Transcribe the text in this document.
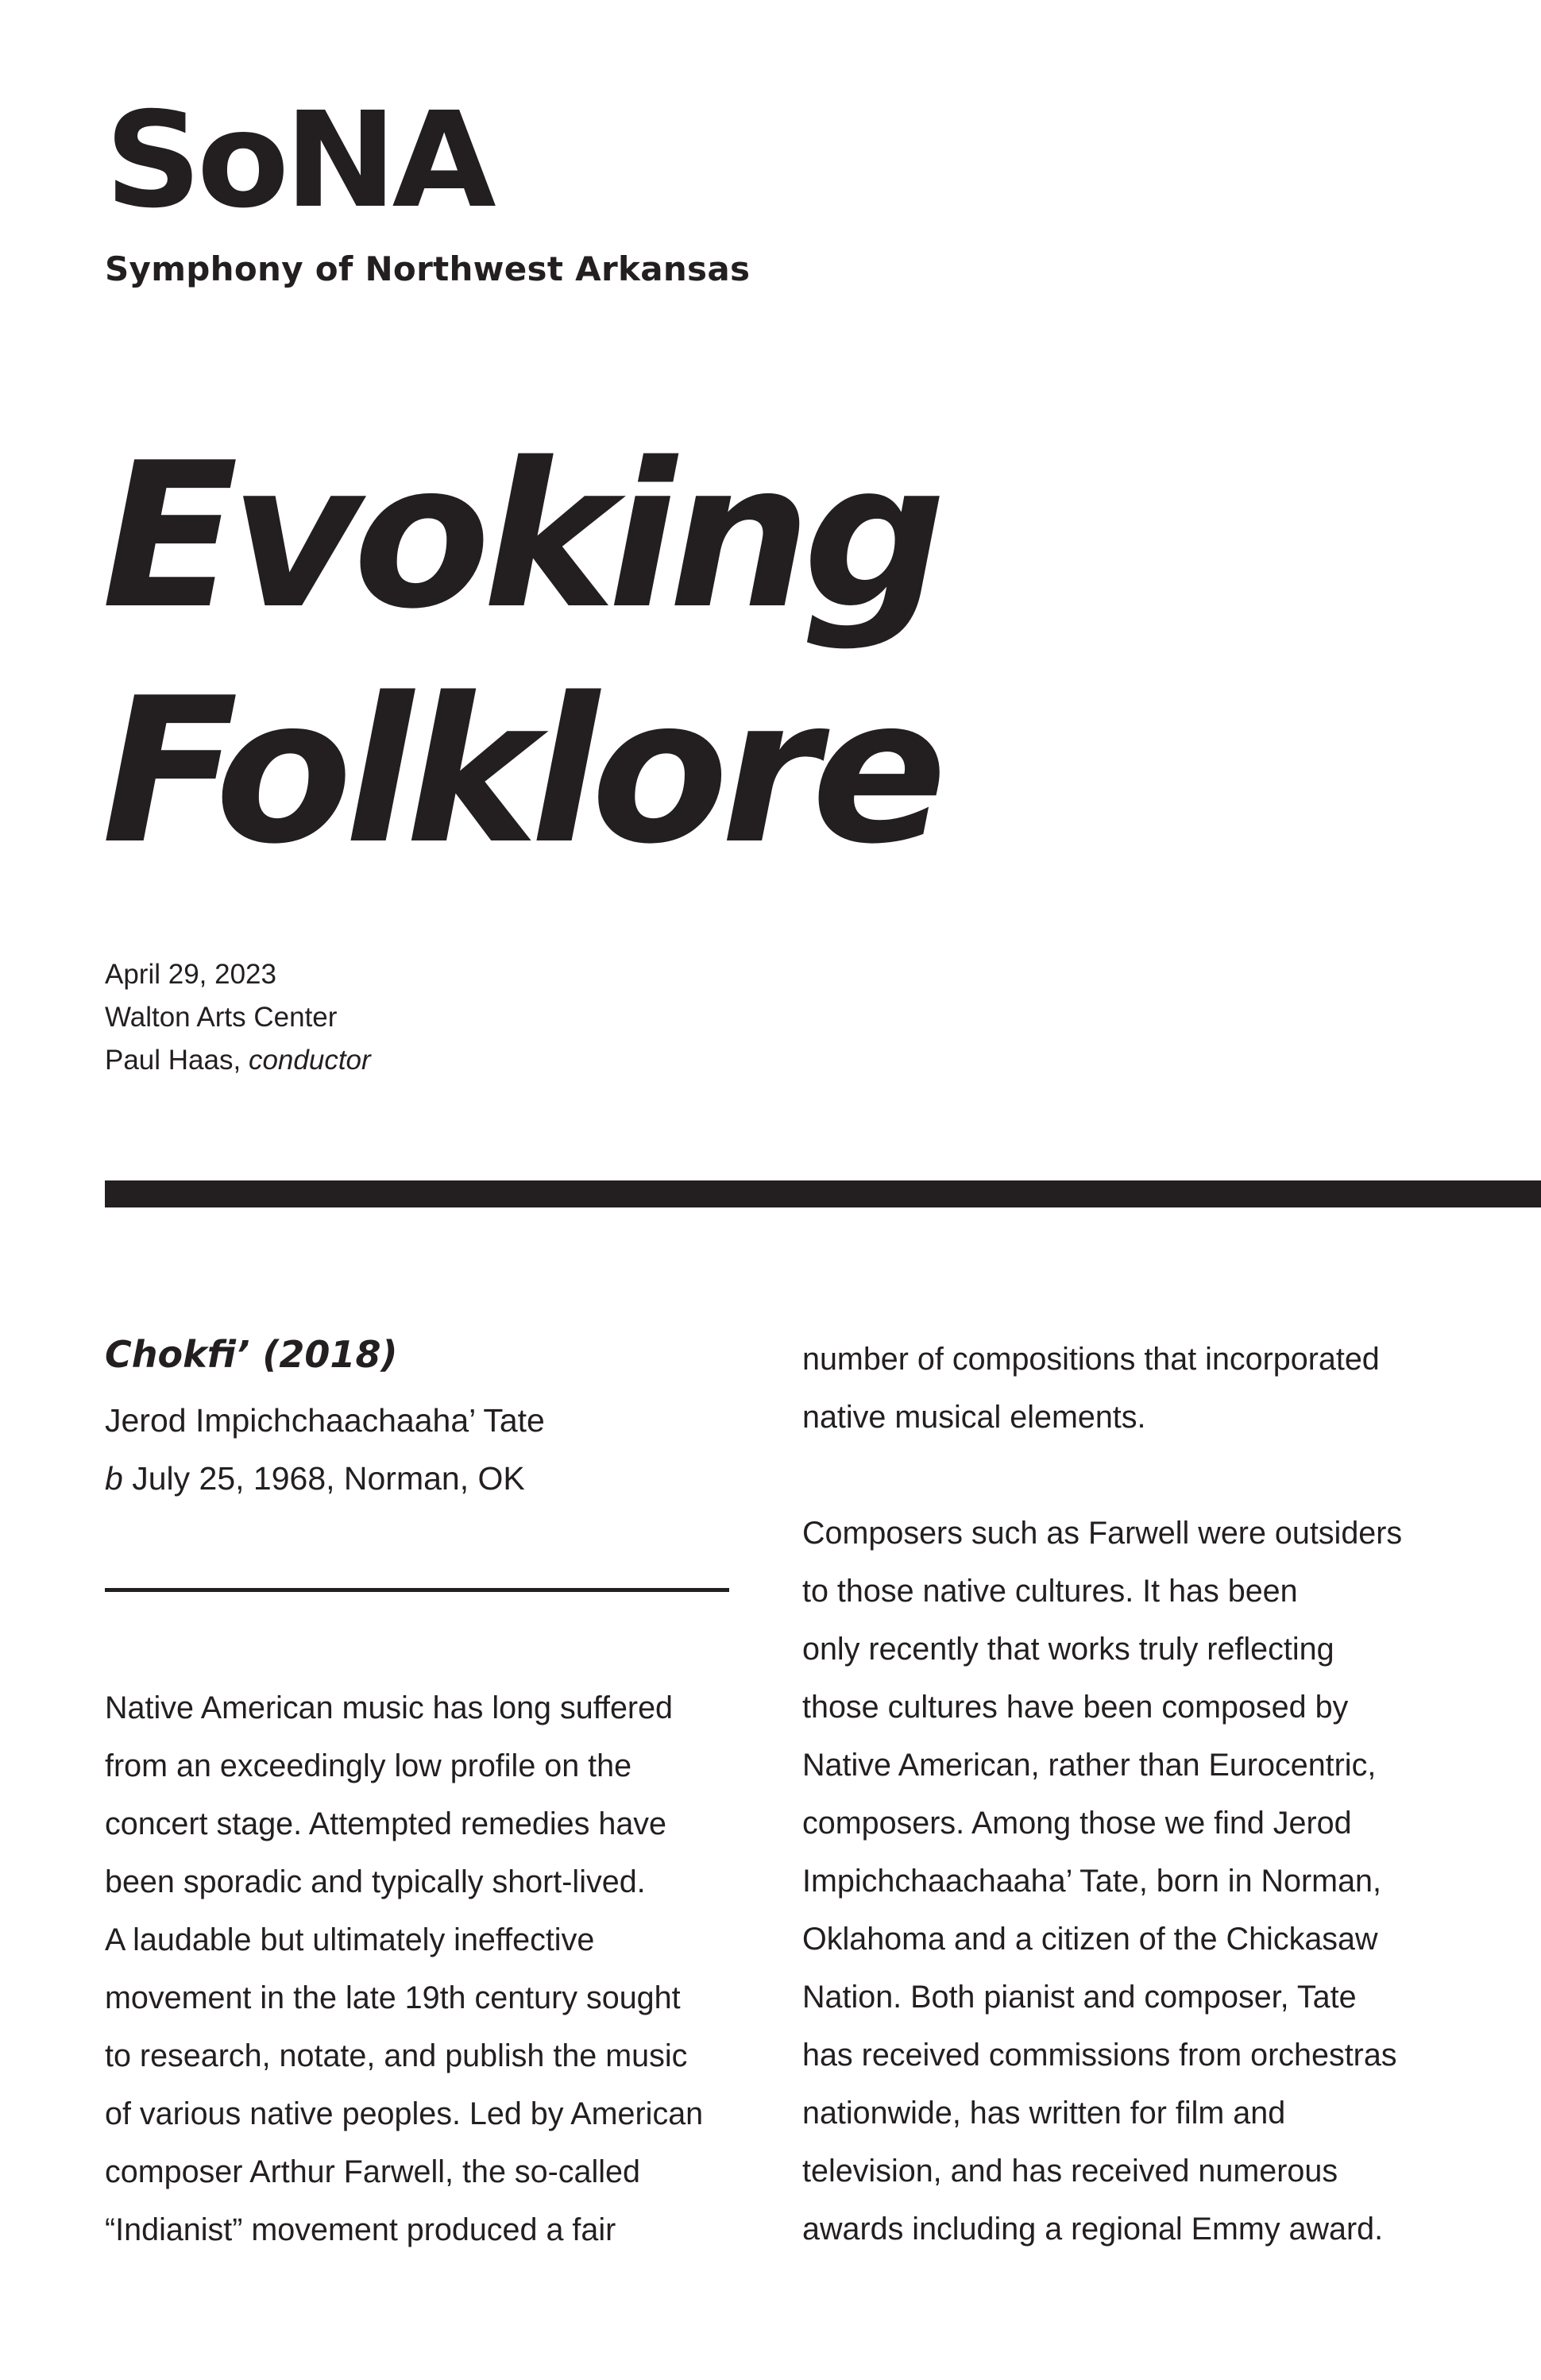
SoNA
Symphony of Northwest Arkansas
Evoking
Folklore
April 29, 2023
Walton Arts Center
Paul Haas, conductor
Chokfi’ (2018)
Jerod Impichchaachaaha’ Tate
b July 25, 1968, Norman, OK

Native American music has long suffered
from an exceedingly low profile on the
concert stage. Attempted remedies have
been sporadic and typically short-lived.
A laudable but ultimately ineffective
movement in the late 19th century sought
to research, notate, and publish the music
of various native peoples. Led by American
composer Arthur Farwell, the so-called
“Indianist” movement produced a fair

number of compositions that incorporated
native musical elements.

Composers such as Farwell were outsiders
to those native cultures. It has been
only recently that works truly reflecting
those cultures have been composed by
Native American, rather than Eurocentric,
composers. Among those we find Jerod
Impichchaachaaha’ Tate, born in Norman,
Oklahoma and a citizen of the Chickasaw
Nation. Both pianist and composer, Tate
has received commissions from orchestras
nationwide, has written for film and
television, and has received numerous
awards including a regional Emmy award.
